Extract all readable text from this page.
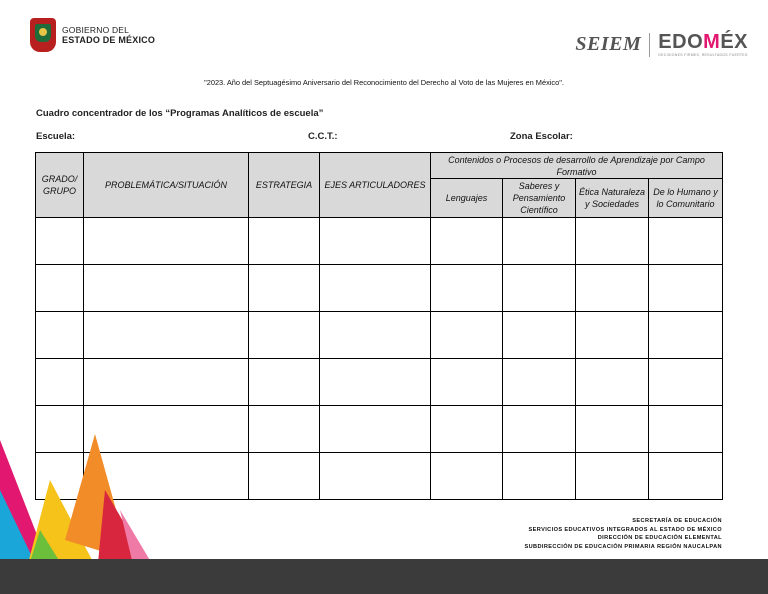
GOBIERNO DEL
ESTADO DE MÉXICO	SEIEM EDOMÉX
DECISIONES FIRMES, RESULTADOS FUERTES
"2023. Año del Septuagésimo Aniversario del Reconocimiento del Derecho al Voto de las Mujeres en México".
Cuadro concentrador de los “Programas Analíticos de escuela”
Escuela:	C.C.T.:	Zona Escolar:
GRADO/ GRUPO	PROBLEMÁTICA/SITUACIÓN	ESTRATEGIA	EJES ARTICULADORES	Contenidos o Procesos de desarrollo de Aprendizaje por Campo Formativo			
				Lenguajes	Saberes y Pensamiento Científico	Ética Naturaleza y Sociedades	De lo Humano y lo Comunitario

SECRETARÍA DE EDUCACIÓN
SERVICIOS EDUCATIVOS INTEGRADOS AL ESTADO DE MÉXICO
DIRECCIÓN DE EDUCACIÓN ELEMENTAL
SUBDIRECCIÓN DE EDUCACIÓN PRIMARIA REGIÓN NAUCALPAN
